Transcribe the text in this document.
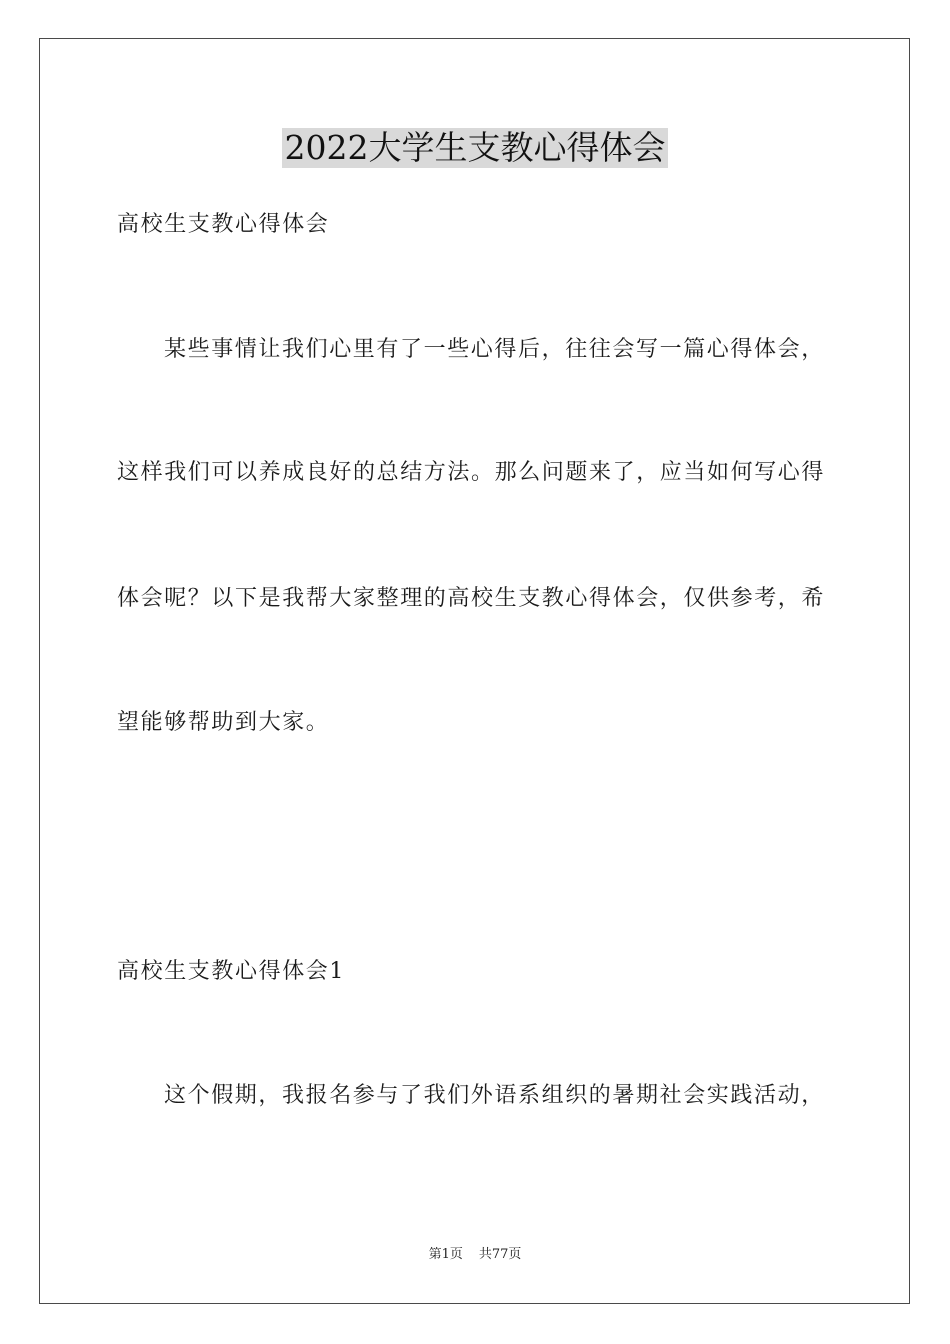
2022大学生支教心得体会
高校生支教心得体会
某些事情让我们心里有了一些心得后，往往会写一篇心得体会，
这样我们可以养成良好的总结方法。那么问题来了，应当如何写心得
体会呢？以下是我帮大家整理的高校生支教心得体会，仅供参考，希
望能够帮助到大家。
高校生支教心得体会1
这个假期，我报名参与了我们外语系组织的暑期社会实践活动，
第1页 共77页
